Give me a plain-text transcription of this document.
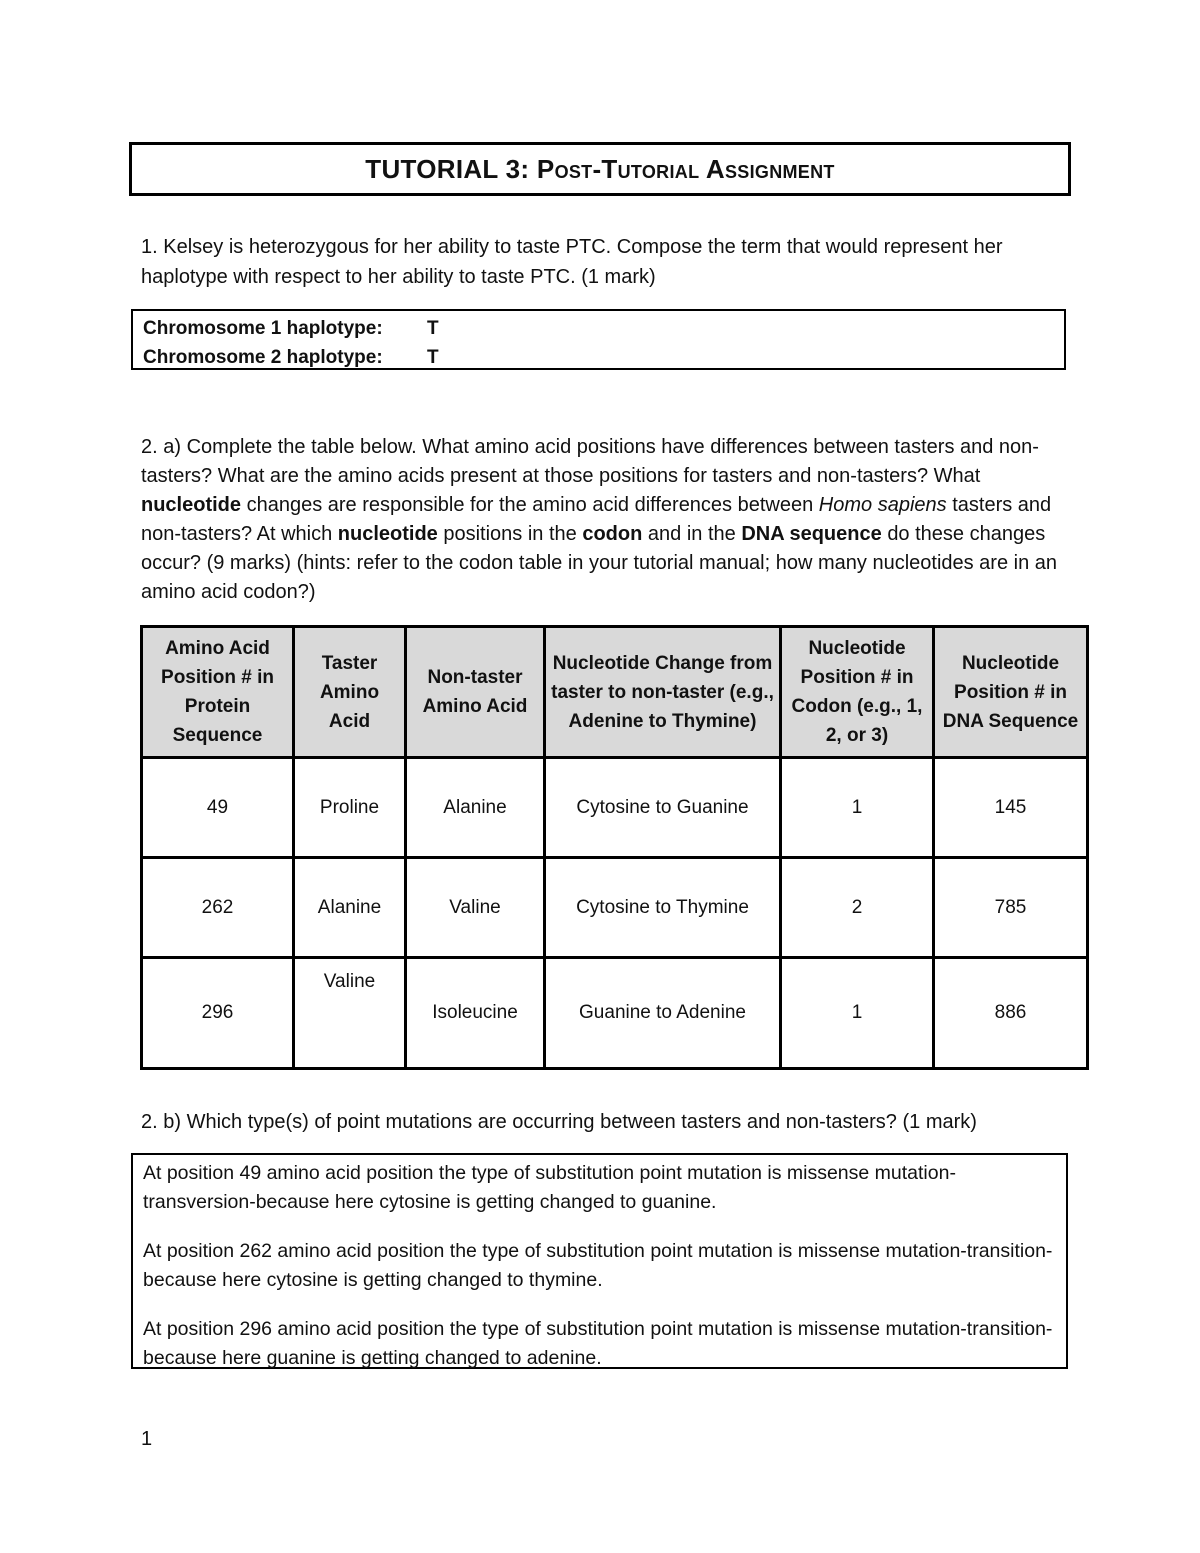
TUTORIAL 3:
Post-Tutorial Assignment
1. Kelsey is heterozygous for her ability to taste PTC. Compose the term that would represent her haplotype with respect to her ability to taste PTC. (1 mark)
Chromosome 1 haplotype:	T
Chromosome 2 haplotype:	T
2. a) Complete the table below. What amino acid positions have differences between tasters and non-tasters? What are the amino acids present at those positions for tasters and non-tasters? What nucleotide changes are responsible for the amino acid differences between Homo sapiens tasters and non-tasters? At which nucleotide positions in the codon and in the DNA sequence do these changes occur? (9 marks) (hints: refer to the codon table in your tutorial manual; how many nucleotides are in an amino acid codon?)
Amino Acid Position # in Protein Sequence	Taster Amino Acid	Non-taster Amino Acid	Nucleotide Change from taster to non-taster (e.g., Adenine to Thymine)	Nucleotide Position # in Codon (e.g., 1, 2, or 3)	Nucleotide Position # in DNA Sequence
49	Proline	Alanine	Cytosine to Guanine	1	145
262	Alanine	Valine	Cytosine to Thymine	2	785
296	Valine	Isoleucine	Guanine to Adenine	1	886
2. b) Which type(s) of point mutations are occurring between tasters and non-tasters? (1 mark)

At position 49 amino acid position the type of substitution point mutation is missense mutation-transversion-because here cytosine is getting changed to guanine.

At position 262 amino acid position the type of substitution point mutation is missense mutation-transition-because here cytosine is getting changed to thymine.

At position 296 amino acid position the type of substitution point mutation is missense mutation-transition-because here guanine is getting changed to adenine.

1
